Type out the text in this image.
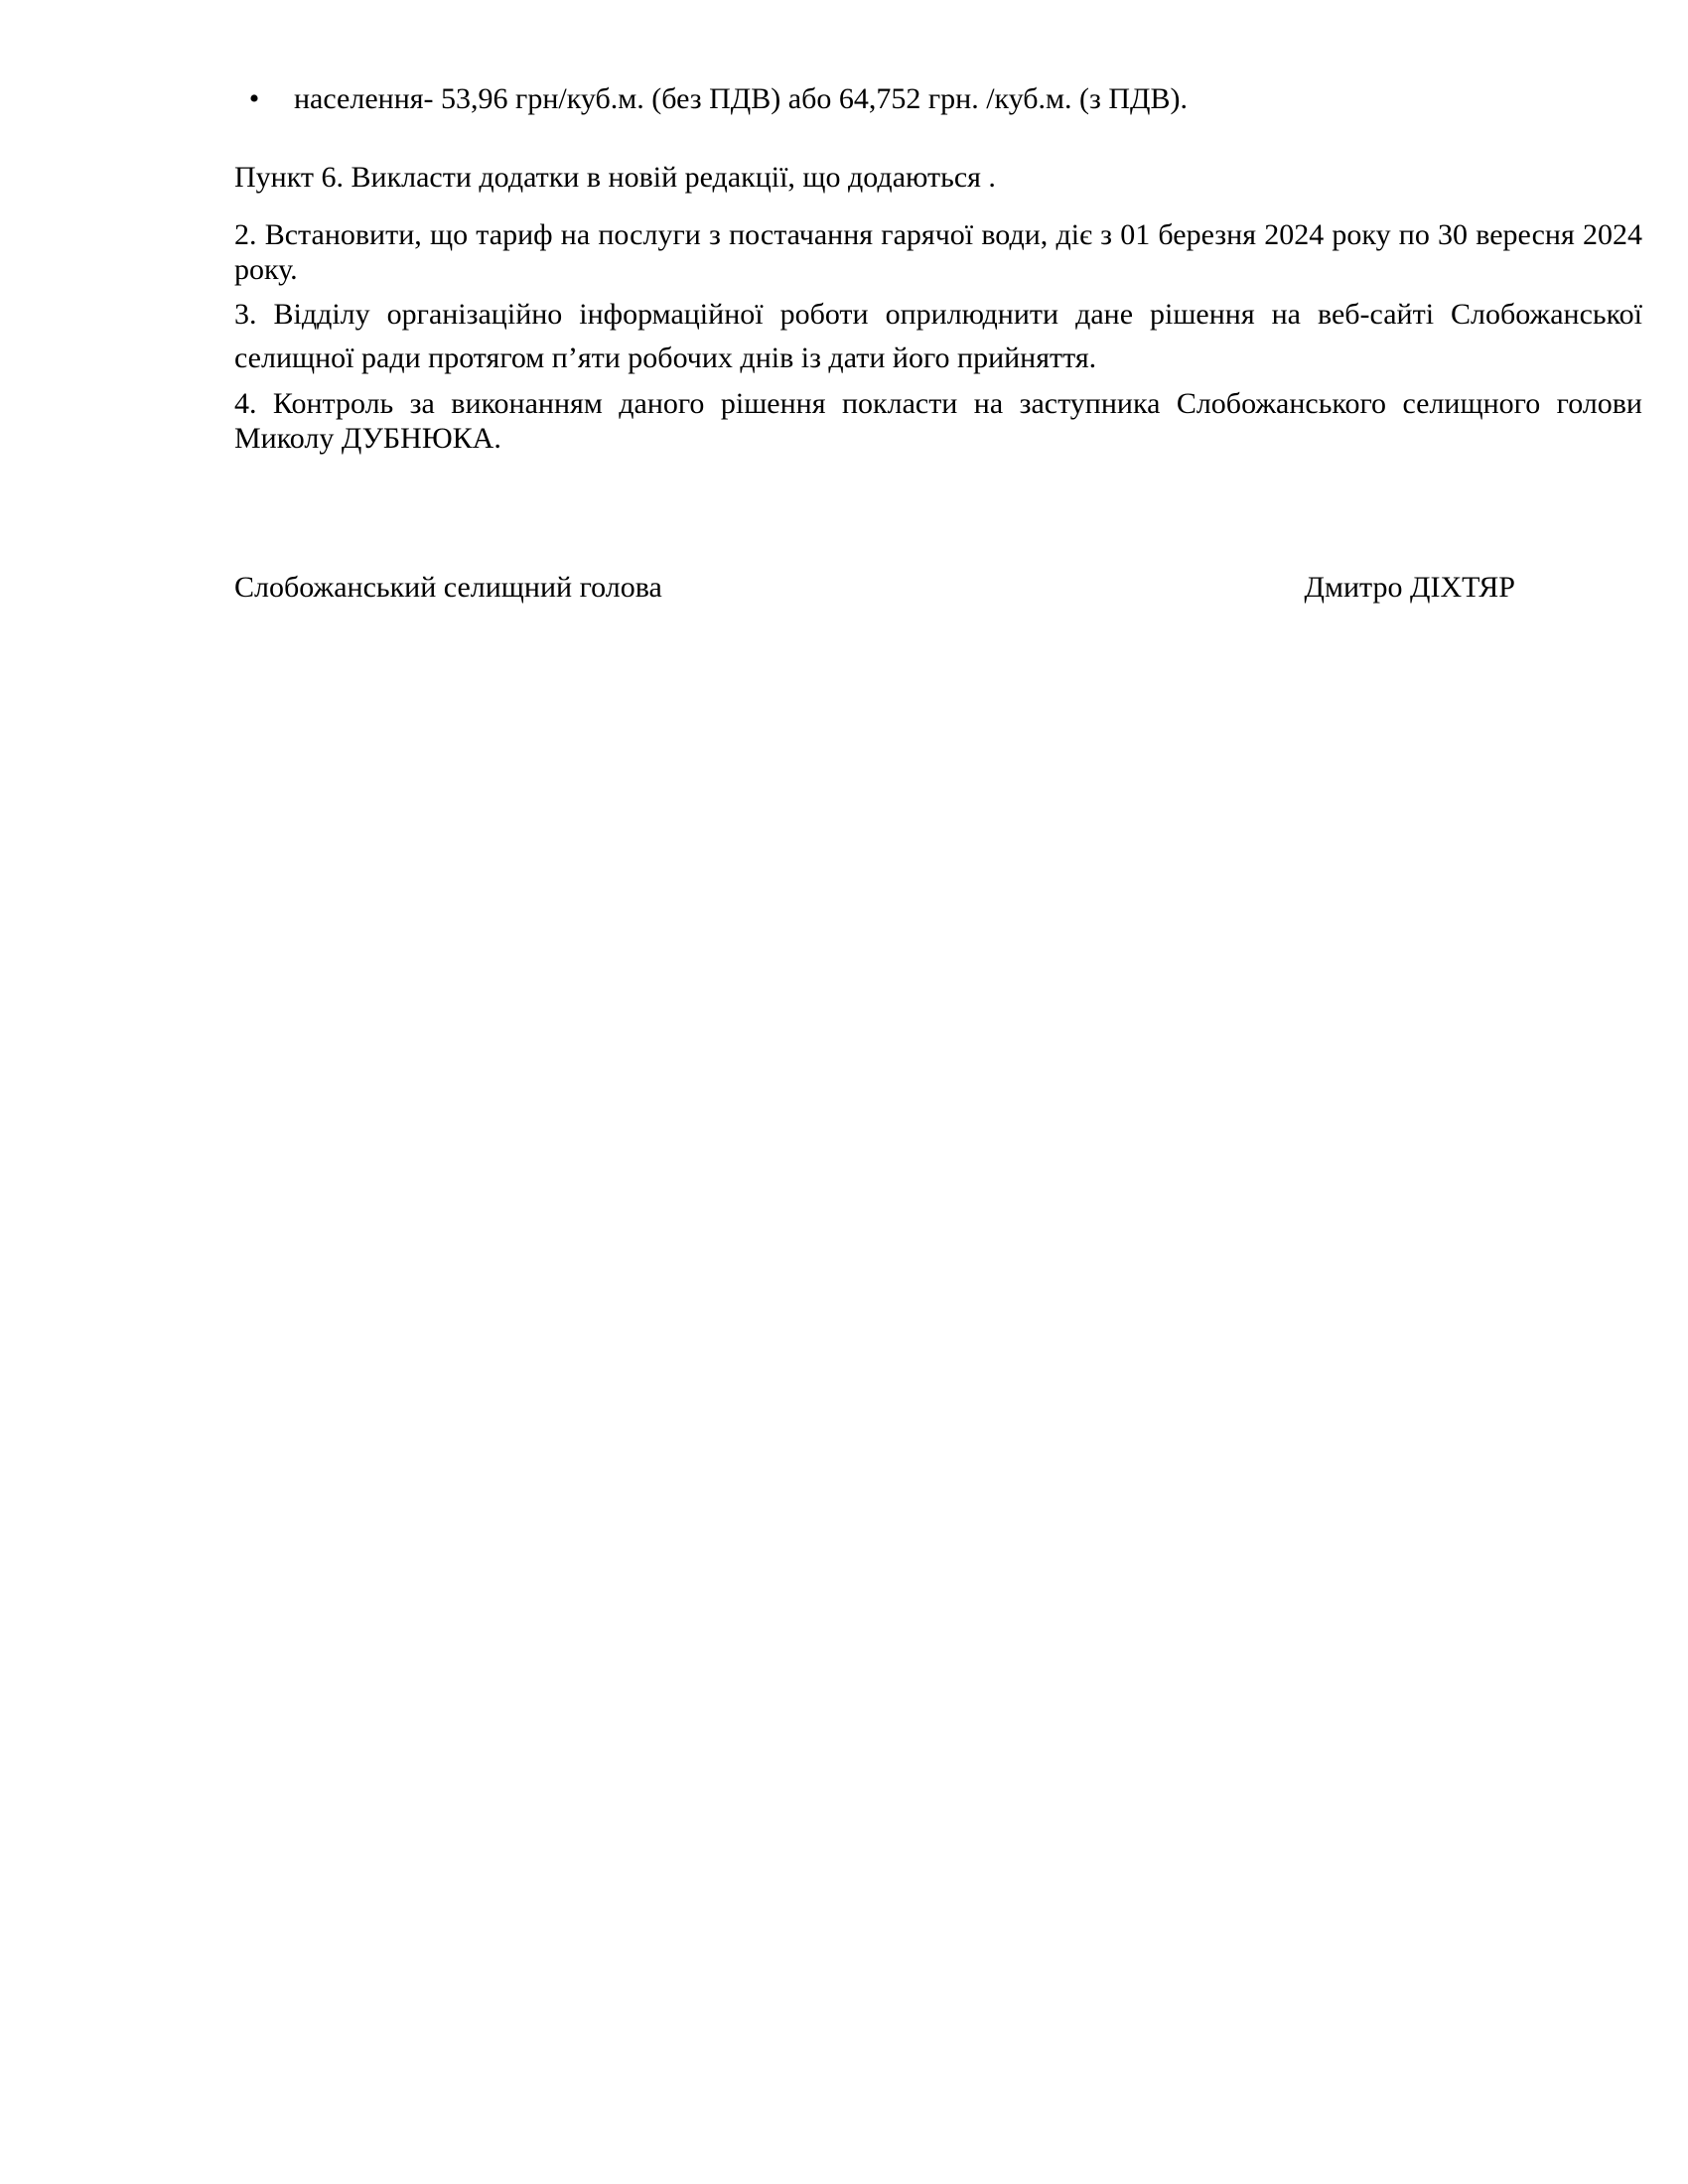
• населення- 53,96 грн/куб.м. (без ПДВ) або 64,752 грн. /куб.м. (з ПДВ).

Пункт 6. Викласти додатки в новій редакції, що додаються .

2. Встановити, що тариф на послуги з постачання гарячої води, діє з 01 березня 2024 року по 30 вересня 2024 року.

3. Відділу організаційно інформаційної роботи оприлюднити дане рішення на веб-сайті Слобожанської селищної ради протягом п’яти робочих днів із дати його прийняття.

4. Контроль за виконанням даного рішення покласти на заступника Слобожанського селищного голови Миколу ДУБНЮКА.

Слобожанський селищний голова	Дмитро ДІХТЯР
